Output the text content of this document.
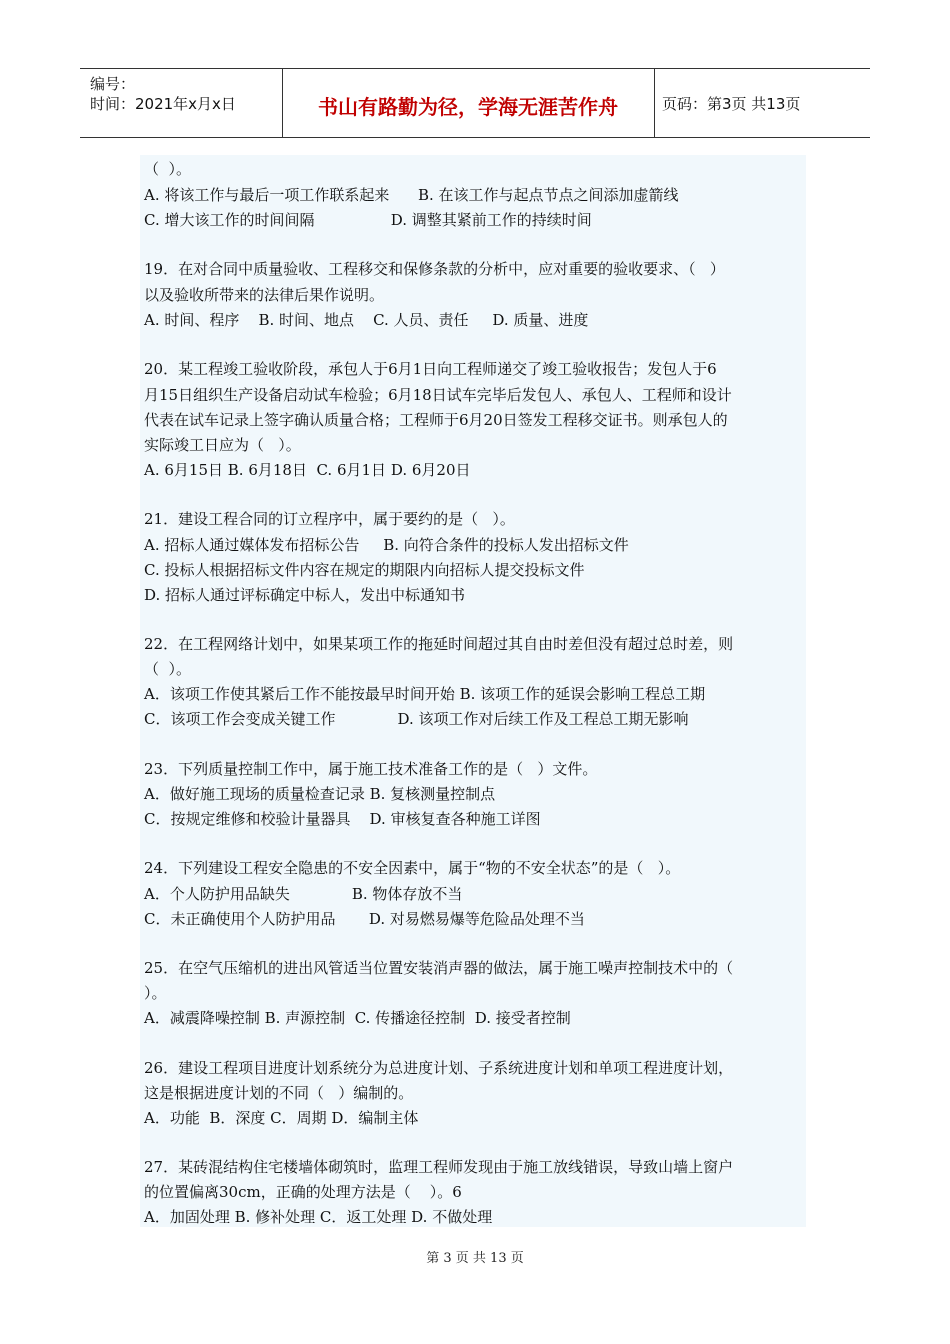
编号：
时间：2021年x月x日	书山有路勤为径，学海无涯苦作舟	页码：第3页 共13页
（  ）。
A. 将该工作与最后一项工作联系起来      B. 在该工作与起点节点之间添加虚箭线
C. 增大该工作的时间间隔                D. 调整其紧前工作的持续时间
19．在对合同中质量验收、工程移交和保修条款的分析中，应对重要的验收要求、（   ）
以及验收所带来的法律后果作说明。
A. 时间、程序    B. 时间、地点    C. 人员、责任     D. 质量、进度
20．某工程竣工验收阶段，承包人于6月1日向工程师递交了竣工验收报告；发包人于6
月15日组织生产设备启动试车检验；6月18日试车完毕后发包人、承包人、工程师和设计
代表在试车记录上签字确认质量合格；工程师于6月20日签发工程移交证书。则承包人的
实际竣工日应为（   ）。
A. 6月15日 B. 6月18日  C. 6月1日 D. 6月20日
21．建设工程合同的订立程序中，属于要约的是（   ）。
A. 招标人通过媒体发布招标公告     B. 向符合条件的投标人发出招标文件
C. 投标人根据招标文件内容在规定的期限内向招标人提交投标文件
D. 招标人通过评标确定中标人，发出中标通知书
22．在工程网络计划中，如果某项工作的拖延时间超过其自由时差但没有超过总时差，则
（  ）。
A．该项工作使其紧后工作不能按最早时间开始 B. 该项工作的延误会影响工程总工期
C．该项工作会变成关键工作             D. 该项工作对后续工作及工程总工期无影响
23．下列质量控制工作中，属于施工技术准备工作的是（   ）文件。
A．做好施工现场的质量检查记录 B. 复核测量控制点
C．按规定维修和校验计量器具    D. 审核复查各种施工详图
24．下列建设工程安全隐患的不安全因素中，属于“物的不安全状态”的是（   ）。
A．个人防护用品缺失             B. 物体存放不当
C．未正确使用个人防护用品       D. 对易燃易爆等危险品处理不当
25．在空气压缩机的进出风管适当位置安装消声器的做法，属于施工噪声控制技术中的（
）。
A．减震降噪控制 B. 声源控制  C. 传播途径控制  D. 接受者控制
26．建设工程项目进度计划系统分为总进度计划、子系统进度计划和单项工程进度计划，
这是根据进度计划的不同（   ）编制的。
A．功能  B．深度 C．周期 D．编制主体
27．某砖混结构住宅楼墙体砌筑时，监理工程师发现由于施工放线错误，导致山墙上窗户
的位置偏离30cm，正确的处理方法是（    ）。6
A．加固处理 B. 修补处理 C．返工处理 D. 不做处理
第 3 页 共 13 页
